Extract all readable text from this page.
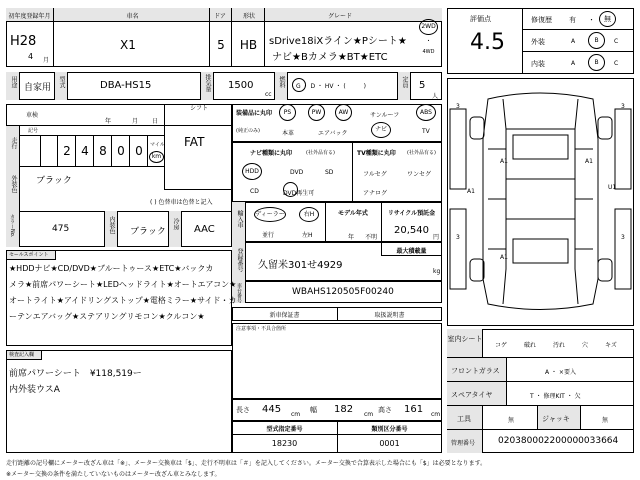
初年度登録年月	車名	ドア	形状	グレード
H28
4 月
X1	5	HB	sDrive18iXライン★Pシート★
ナビ★Bカメラ★BT★ETC
2WD
・
4WD
用途 自家用 型式	DBA-HS15	排気量 1500
cc
燃料 G ・ D ・ HV ・ (　　　)	定員 5
人
車検
年	月 日
シフト
FAT
走行
記号
2 4 8 0 0	マイル
km
外装色 ブラック
( ) 色替車は色替と記入
カラーNo.	475	内装色 ブラック
冷房 AAC
装備品に丸印
(純正のみ)
PS	PW	AW	サンルーフ	ABS
本革	エアバック
ナビ	TV
ナビ種類に丸印	(社外品有る)
HDD	DVD	SD
CD	DVD再生可
TV種類に丸印 (社外品有る)
フルセグ	ワンセグ
アナログ
輸入車 ディーラー
並行
右H
左H
モデル年式
年 不明
リサイクル預託金
20,540
円
登録番号 久留米301せ4929
最大積載量
kg
車台番号	WBAHS120505F00240
新車保証書	取扱説明書
注意事項・不具合箇所
長さ 445 cm
幅 182 cm
高さ 161 cm
型式指定番号	類別区分番号
18230	0001
セールスポイント
★HDDナビ★CD/DVD★ブルートゥース★ETC★バックカ
メラ★前席パワーシート★LEDヘッドライト★オートエアコン★
オートライト★アイドリングストップ★電格ミラー★サイド・カ
ーテンエアバッグ★ステアリングリモコン★クルコン★
検査記入欄
前席パワーシート　¥118,519ー
内外装ウスA
評価点
4.5
修復歴 有 ・	無
外装	A	B	C
内装	A	B	C
3	3
3	3
A1	A1
A1
U1
A1
室内シート
コゲ	破れ	汚れ	穴	キズ
フロントガラス	A ・ ×要入
スペアタイヤ	T ・ 修理KIT ・ 欠
工具	無	ジャッキ	無
管理番号	020380002200000033664
走行距離の記号欄にメーター改ざん車は「※」、メーター交換車は「$」、走行不明車は「＃」を記入してください。メーター交換で合算表示した場合にも「$」は必要となります。
※メーター交換の条件を満たしていないものはメーター改ざん車とみなします。
